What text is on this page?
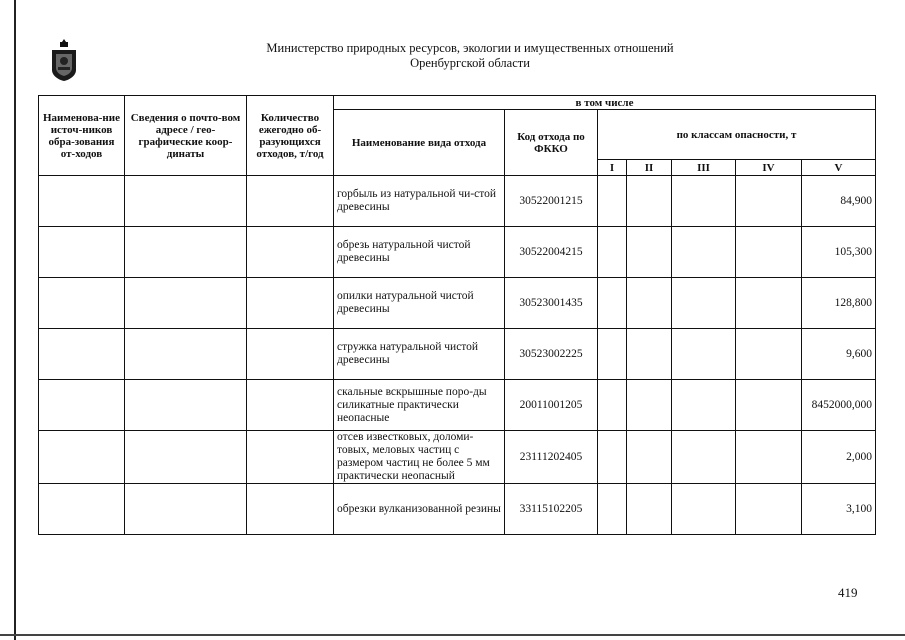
Министерство природных ресурсов, экологии и имущественных отношений
Оренбургской области
Наименова-ние источ-ников обра-зования от-ходов	Сведения о почто-вом адресе / гео-графические коор-динаты	Количество ежегодно об-разующихся отходов, т/год	в том числе						
			Наименование вида отхода	Код отхода по ФККО	по классам опасности, т				
					I	II	III	IV	V
			горбыль из натуральной чи-стой древесины	30522001215					84,900
			обрезь натуральной чистой древесины	30522004215					105,300
			опилки натуральной чистой древесины	30523001435					128,800
			стружка натуральной чистой древесины	30523002225					9,600
			скальные вскрышные поро-ды силикатные практически неопасные	20011001205					8452000,000
			отсев известковых, доломи-товых, меловых частиц с размером частиц не более 5 мм практически неопасный	23111202405					2,000
			обрезки вулканизованной резины	33115102205					3,100
419
